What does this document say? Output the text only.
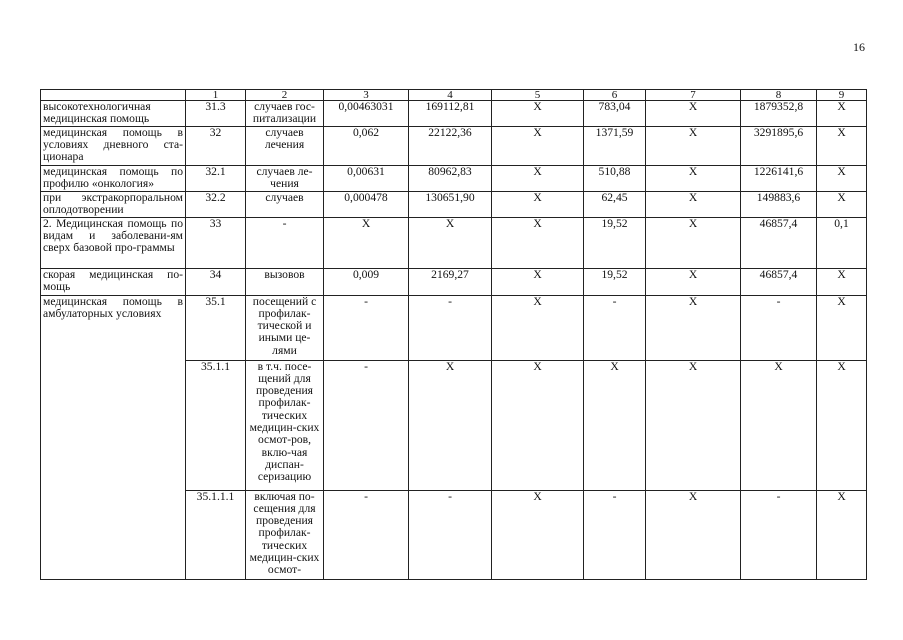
16
	1	2	3	4	5	6	7	8	9
высокотехнологичная медицинская помощь	31.3	случаев гос-питализации	0,00463031	169112,81	Х	783,04	Х	1879352,8	Х
медицинская помощь в условиях дневного ста-ционара	32	случаев лечения	0,062	22122,36	Х	1371,59	Х	3291895,6	Х
медицинская помощь по профилю «онкология»	32.1	случаев ле-чения	0,00631	80962,83	Х	510,88	Х	1226141,6	Х
при экстракорпоральном оплодотворении	32.2	случаев	0,000478	130651,90	Х	62,45	Х	149883,6	Х
2. Медицинская помощь по видам и заболевани-ям сверх базовой про-граммы	33	-	Х	Х	Х	19,52	Х	46857,4	0,1
скорая медицинская по-мощь	34	вызовов	0,009	2169,27	Х	19,52	Х	46857,4	Х
медицинская помощь в амбулаторных условиях	35.1	посещений с профилак-тической и иными це-лями	-	-	Х	-	Х	-	Х
	35.1.1	в т.ч. посе-щений для проведения профилак-тических медицин-ских осмот-ров, вклю-чая диспан-серизацию	-	Х	Х	Х	Х	Х	Х
	35.1.1.1	включая по-сещения для проведения профилак-тических медицин-ских осмот-	-	-	Х	-	Х	-	Х
